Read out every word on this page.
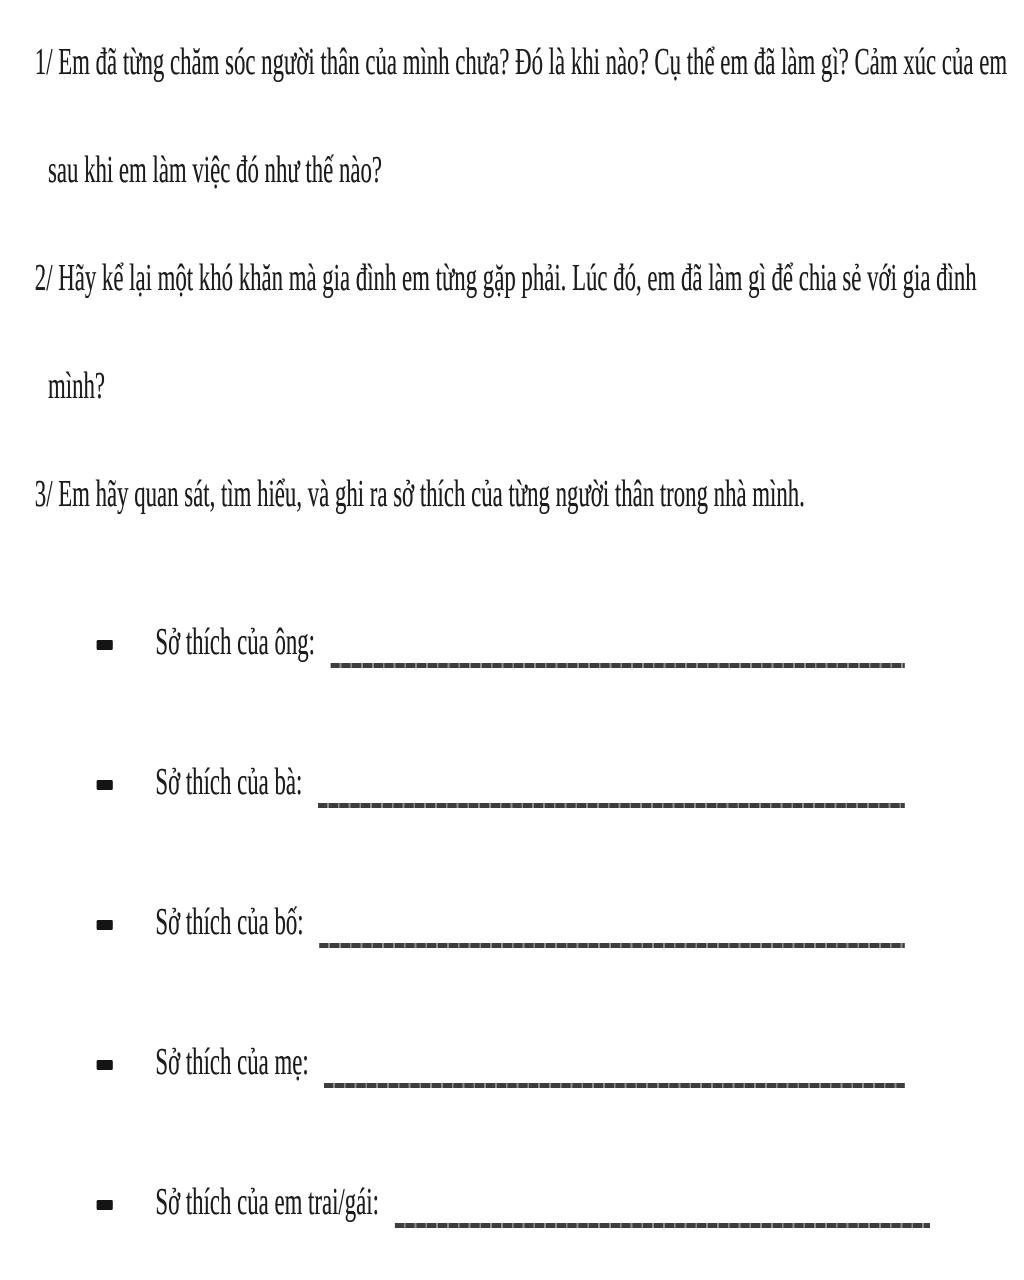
1/ Em đã từng chăm sóc người thân của mình chưa? Đó là khi nào? Cụ thể em đã làm gì? Cảm xúc của em
sau khi em làm việc đó như thế nào?
2/ Hãy kể lại một khó khăn mà gia đình em từng gặp phải. Lúc đó, em đã làm gì để chia sẻ với gia đình
mình?
3/ Em hãy quan sát, tìm hiểu, và ghi ra sở thích của từng người thân trong nhà mình.
Sở thích của ông:
Sở thích của bà:
Sở thích của bố:
Sở thích của mẹ:
Sở thích của em trai/gái:
